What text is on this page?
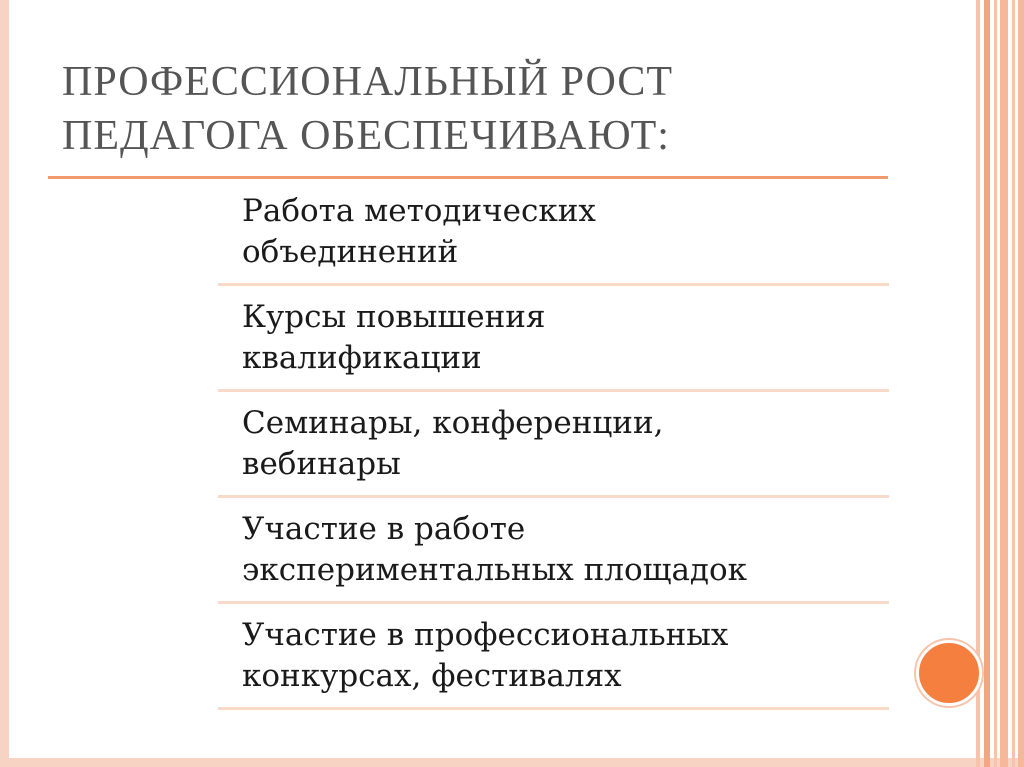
ПРОФЕССИОНАЛЬНЫЙ РОСТ
ПЕДАГОГА ОБЕСПЕЧИВАЮТ:
Работа методических
объединений
Курсы повышения
квалификации
Семинары, конференции,
вебинары
Участие в работе
экспериментальных площадок
Участие в профессиональных
конкурсах, фестивалях
